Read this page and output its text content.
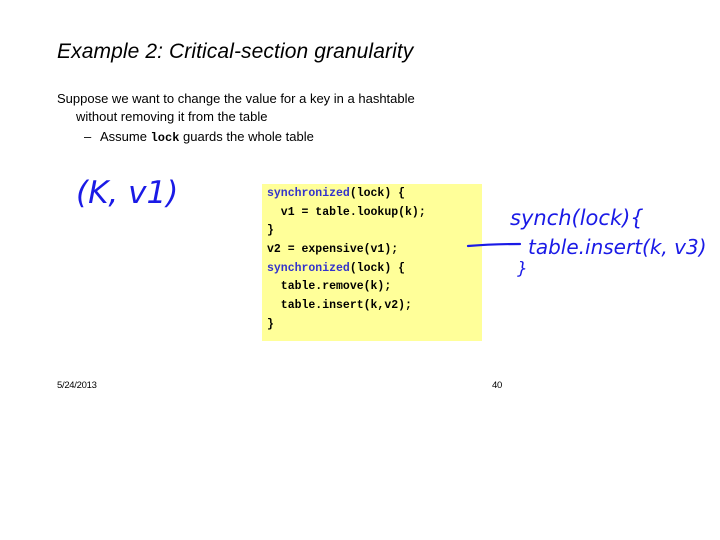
Example 2: Critical-section granularity

Suppose we want to change the value for a key in a hashtable
without removing it from the table

– Assume lock guards the whole table

synchronized(lock) {
v1 = table.lookup(k);
}
v2 = expensive(v1);
synchronized(lock) {
table.remove(k);
table.insert(k,v2);
}
(K, v1)
synch(lock){
table.insert(k, v3)
}
5/24/2013	40
